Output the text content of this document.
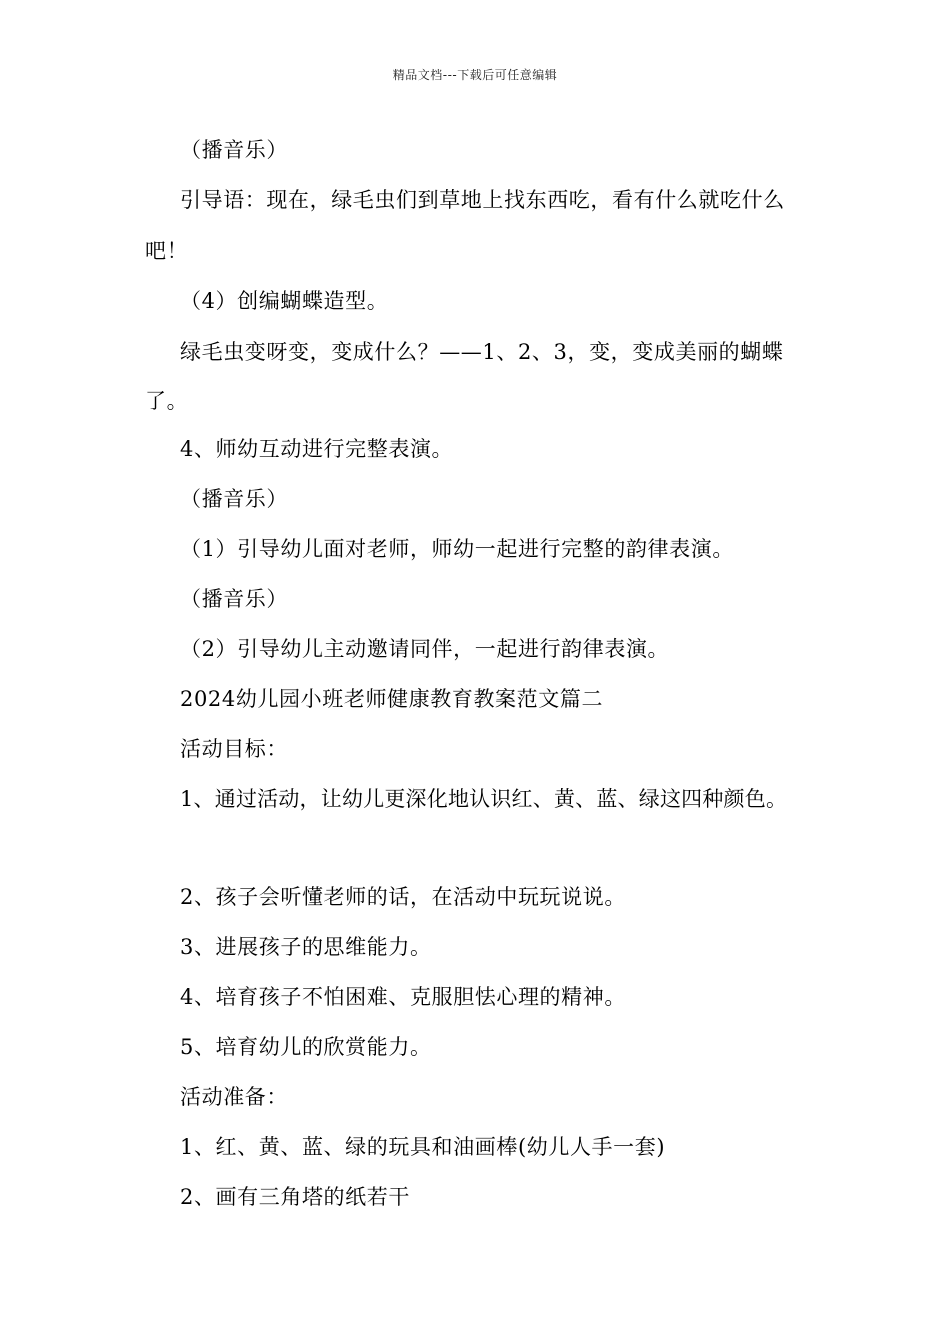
精品文档---下载后可任意编辑
（播音乐）
引导语：现在，绿毛虫们到草地上找东西吃，看有什么就吃什么
吧！
（4）创编蝴蝶造型。
绿毛虫变呀变，变成什么？——1、2、3，变，变成美丽的蝴蝶
了。
4、师幼互动进行完整表演。
（播音乐）
（1）引导幼儿面对老师，师幼一起进行完整的韵律表演。
（播音乐）
（2）引导幼儿主动邀请同伴，一起进行韵律表演。
2024幼儿园小班老师健康教育教案范文篇二
活动目标：
1、通过活动，让幼儿更深化地认识红、黄、蓝、绿这四种颜色。
2、孩子会听懂老师的话，在活动中玩玩说说。
3、进展孩子的思维能力。
4、培育孩子不怕困难、克服胆怯心理的精神。
5、培育幼儿的欣赏能力。
活动准备：
1、红、黄、蓝、绿的玩具和油画棒(幼儿人手一套)
2、画有三角塔的纸若干
